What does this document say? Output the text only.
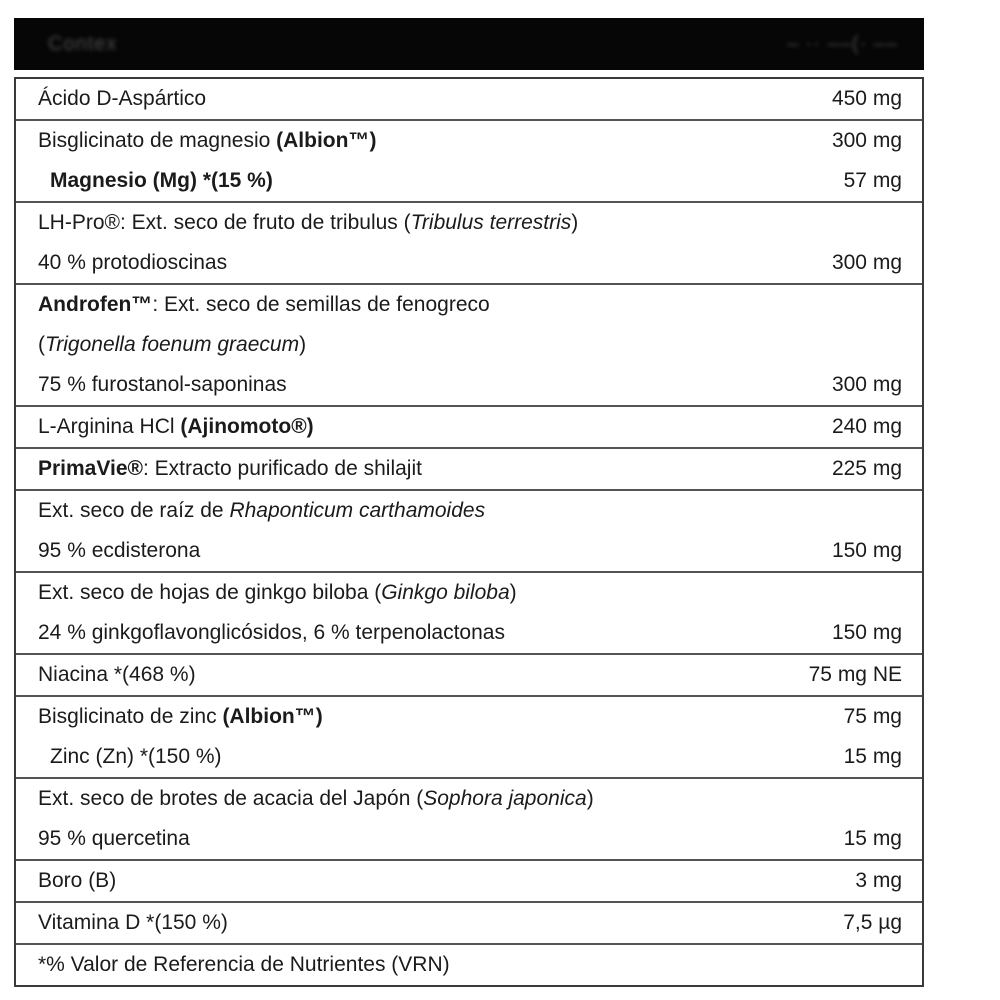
Contex	– ·· ––(· ––
Ácido D-Aspártico	450 mg
Bisglicinato de magnesio (Albion™)	300 mg
Magnesio (Mg) *(15 %)	57 mg
LH-Pro®: Ext. seco de fruto de tribulus (Tribulus terrestris)
40 % protodioscinas	300 mg
Androfen™: Ext. seco de semillas de fenogreco
(Trigonella foenum graecum)
75 % furostanol-saponinas	300 mg
L-Arginina HCl (Ajinomoto®)	240 mg
PrimaVie®: Extracto purificado de shilajit	225 mg
Ext. seco de raíz de Rhaponticum carthamoides
95 % ecdisterona	150 mg
Ext. seco de hojas de ginkgo biloba (Ginkgo biloba)
24 % ginkgoflavonglicósidos, 6 % terpenolactonas	150 mg
Niacina *(468 %)	75 mg NE
Bisglicinato de zinc (Albion™)	75 mg
Zinc (Zn) *(150 %)	15 mg
Ext. seco de brotes de acacia del Japón (Sophora japonica)
95 % quercetina	15 mg
Boro (B)	3 mg
Vitamina D *(150 %)	7,5 µg
*% Valor de Referencia de Nutrientes (VRN)
